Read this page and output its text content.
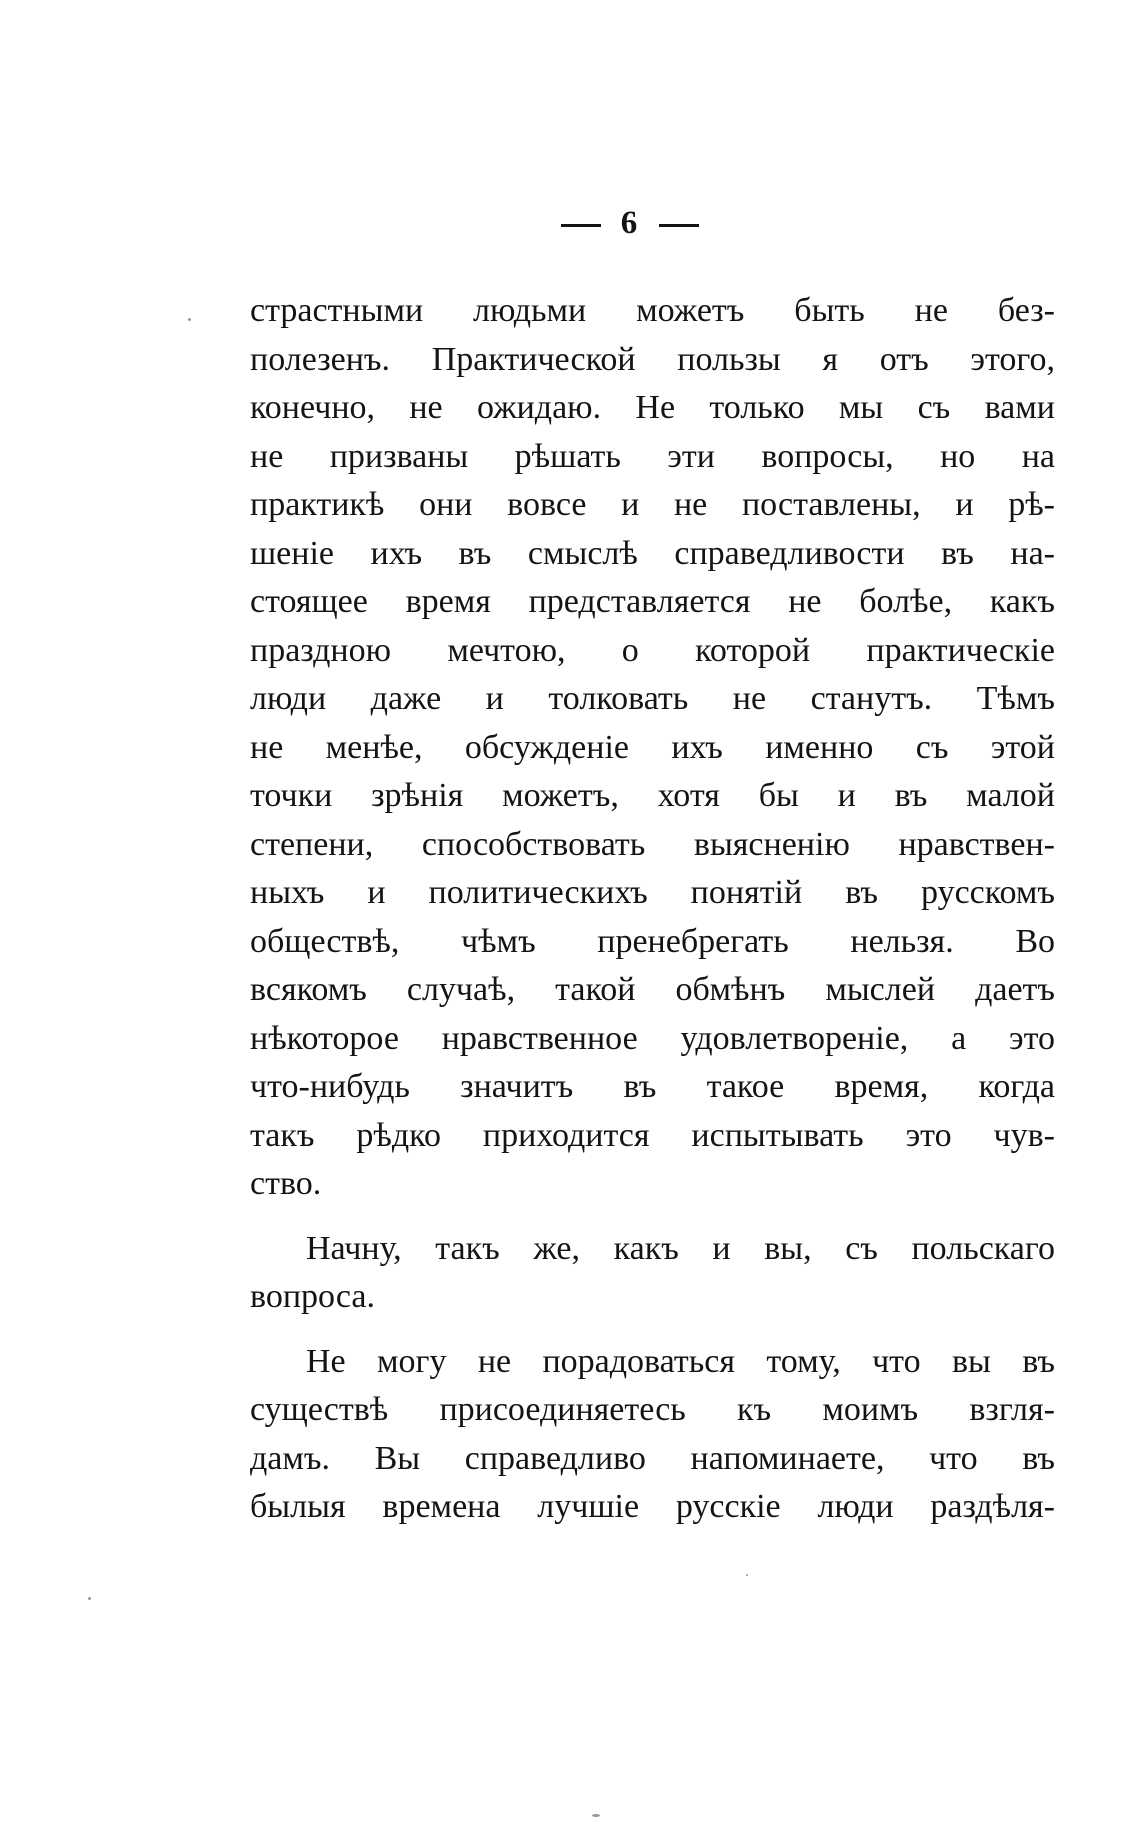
6
страстными людьми можетъ быть не без-
полезенъ. Практической пользы я отъ этого,
конечно, не ожидаю. Не только мы съ вами
не призваны рѣшать эти вопросы, но на
практикѣ они вовсе и не поставлены, и рѣ-
шеніе ихъ въ смыслѣ справедливости въ на-
стоящее время представляется не болѣе, какъ
праздною мечтою, о которой практическіе
люди даже и толковать не станутъ. Тѣмъ
не менѣе, обсужденіе ихъ именно съ этой
точки зрѣнія можетъ, хотя бы и въ малой
степени, способствовать выясненію нравствен-
ныхъ и политическихъ понятій въ русскомъ
обществѣ, чѣмъ пренебрегать нельзя. Во
всякомъ случаѣ, такой обмѣнъ мыслей даетъ
нѣкоторое нравственное удовлетвореніе, а это
что-нибудь значитъ въ такое время, когда
такъ рѣдко приходится испытывать это чув-
ство.
Начну, такъ же, какъ и вы, съ польскаго
вопроса.
Не могу не порадоваться тому, что вы въ
существѣ присоединяетесь къ моимъ взгля-
дамъ. Вы справедливо напоминаете, что въ
былыя времена лучшіе русскіе люди раздѣля-
